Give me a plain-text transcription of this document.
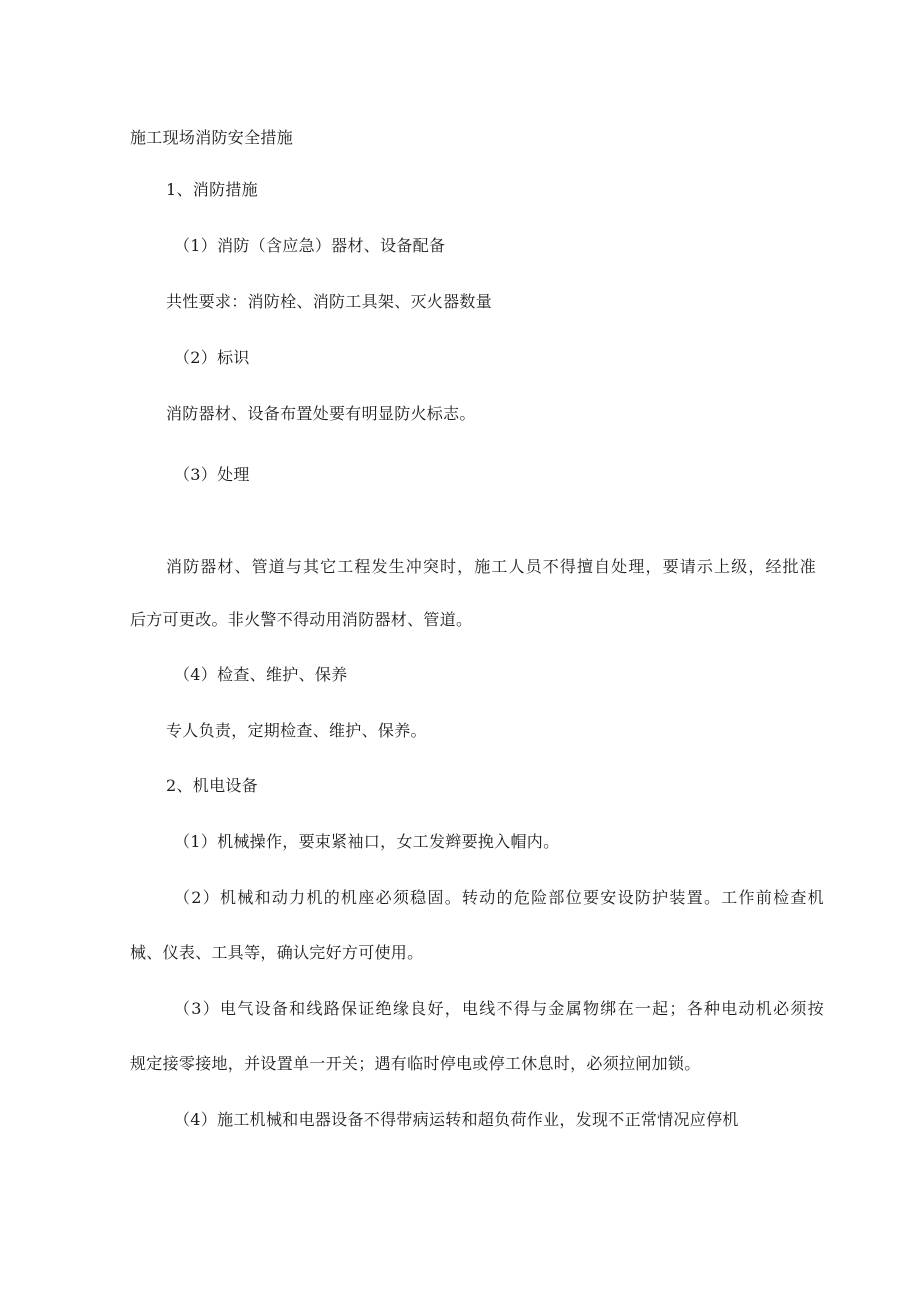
施工现场消防安全措施
1、消防措施
（1）消防（含应急）器材、设备配备
共性要求：消防栓、消防工具架、灭火器数量
（2）标识
消防器材、设备布置处要有明显防火标志。
（3）处理
消防器材、管道与其它工程发生冲突时，施工人员不得擅自处理，要请示上级，经批准
后方可更改。非火警不得动用消防器材、管道。
（4）检查、维护、保养
专人负责，定期检查、维护、保养。
2、机电设备
（1）机械操作，要束紧袖口，女工发辫要挽入帽内。
（2）机械和动力机的机座必须稳固。转动的危险部位要安设防护装置。工作前检查机
械、仪表、工具等，确认完好方可使用。
（3）电气设备和线路保证绝缘良好，电线不得与金属物绑在一起；各种电动机必须按
规定接零接地，并设置单一开关；遇有临时停电或停工休息时，必须拉闸加锁。
（4）施工机械和电器设备不得带病运转和超负荷作业，发现不正常情况应停机
